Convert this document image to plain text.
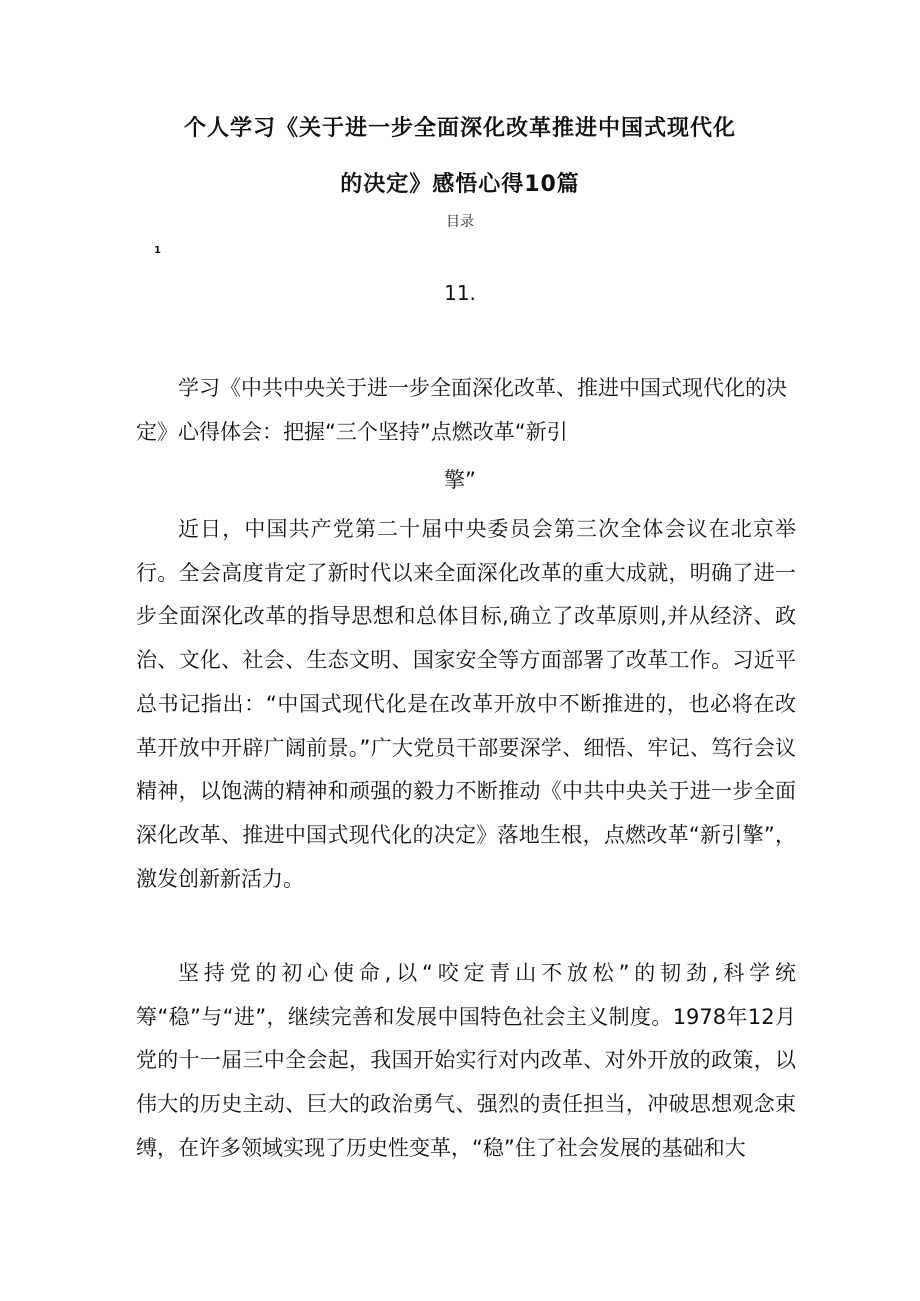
个人学习《关于进一步全面深化改革推进中国式现代化
的决定》感悟心得10篇
目录
1
11.
学习《中共中央关于进一步全面深化改革、推进中国式现代化的决定》心得体会：把握“三个坚持”点燃改革“新引
擎”

近日，中国共产党第二十届中央委员会第三次全体会议在北京举行。全会高度肯定了新时代以来全面深化改革的重大成就，明确了进一步全面深化改革的指导思想和总体目标,确立了改革原则,并从经济、政治、文化、社会、生态文明、国家安全等方面部署了改革工作。习近平总书记指出：“中国式现代化是在改革开放中不断推进的，也必将在改革开放中开辟广阔前景。”广大党员干部要深学、细悟、牢记、笃行会议精神，以饱满的精神和顽强的毅力不断推动《中共中央关于进一步全面深化改革、推进中国式现代化的决定》落地生根，点燃改革“新引擎”，激发创新新活力。

坚持党的初心使命,以“咬定青山不放松”的韧劲,科学统筹“稳”与“进”，继续完善和发展中国特色社会主义制度。1978年12月党的十一届三中全会起，我国开始实行对内改革、对外开放的政策，以伟大的历史主动、巨大的政治勇气、强烈的责任担当，冲破思想观念束缚，在许多领域实现了历史性变革，“稳”住了社会发展的基础和大
